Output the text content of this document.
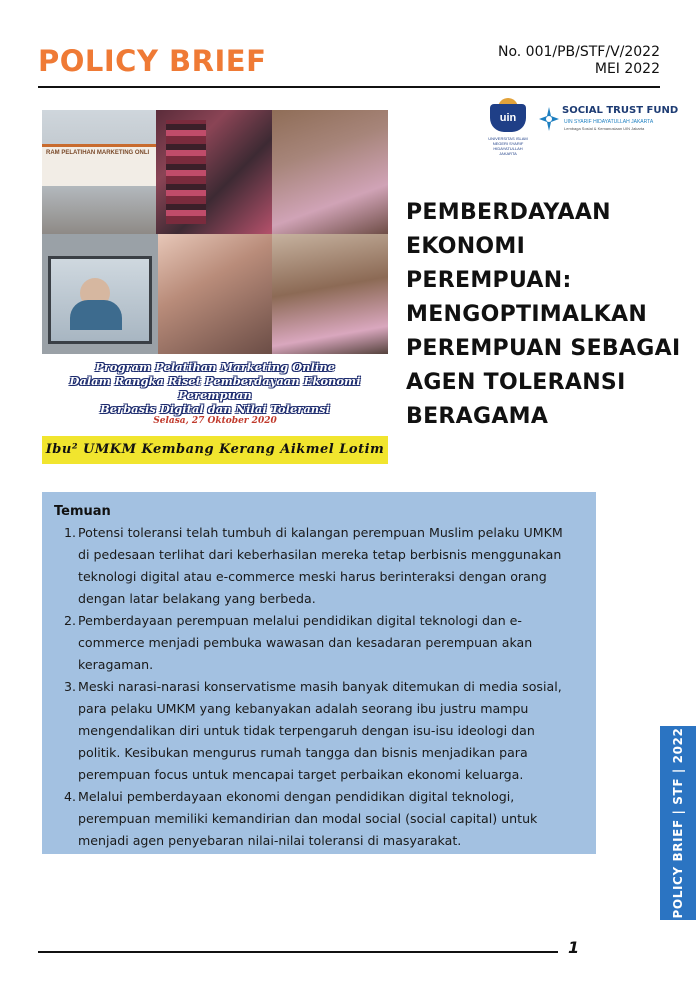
POLICY BRIEF	No. 001/PB/STF/V/2022
MEI 2022
RAM PELATIHAN MARKETING ONLI
Program Pelatihan Marketing Online
Dalam Rangka Riset Pemberdayaan Ekonomi Perempuan
Berbasis Digital dan Nilai Toleransi
Selasa, 27 Oktober 2020
Ibu² UMKM Kembang Kerang Aikmel Lotim
uin
UNIVERSITAS ISLAM NEGERI SYARIF HIDAYATULLAH JAKARTA
SOCIAL TRUST FUND
UIN SYARIF HIDAYATULLAH JAKARTA
Lembaga Sosial & Kemanusiaan UIN Jakarta
PEMBERDAYAAN
EKONOMI
PEREMPUAN:
MENGOPTIMALKAN
PEREMPUAN SEBAGAI
AGEN TOLERANSI
BERAGAMA
Temuan
1. Potensi toleransi telah tumbuh di kalangan perempuan Muslim pelaku UMKM
di pedesaan terlihat dari keberhasilan mereka tetap berbisnis menggunakan
teknologi digital atau e-commerce meski harus berinteraksi dengan orang
dengan latar belakang yang berbeda.
2. Pemberdayaan perempuan melalui pendidikan digital teknologi dan e-
commerce menjadi pembuka wawasan dan kesadaran perempuan akan
keragaman.
3. Meski narasi-narasi konservatisme masih banyak ditemukan di media sosial,
para pelaku UMKM yang kebanyakan adalah seorang ibu justru mampu
mengendalikan diri untuk tidak terpengaruh dengan isu-isu ideologi dan
politik. Kesibukan mengurus rumah tangga dan bisnis menjadikan para
perempuan focus untuk mencapai target perbaikan ekonomi keluarga.
4. Melalui pemberdayaan ekonomi dengan pendidikan digital teknologi,
perempuan memiliki kemandirian dan modal social (social capital) untuk
menjadi agen penyebaran nilai-nilai toleransi di masyarakat.	POLICY BRIEF | STF | 2022
1
